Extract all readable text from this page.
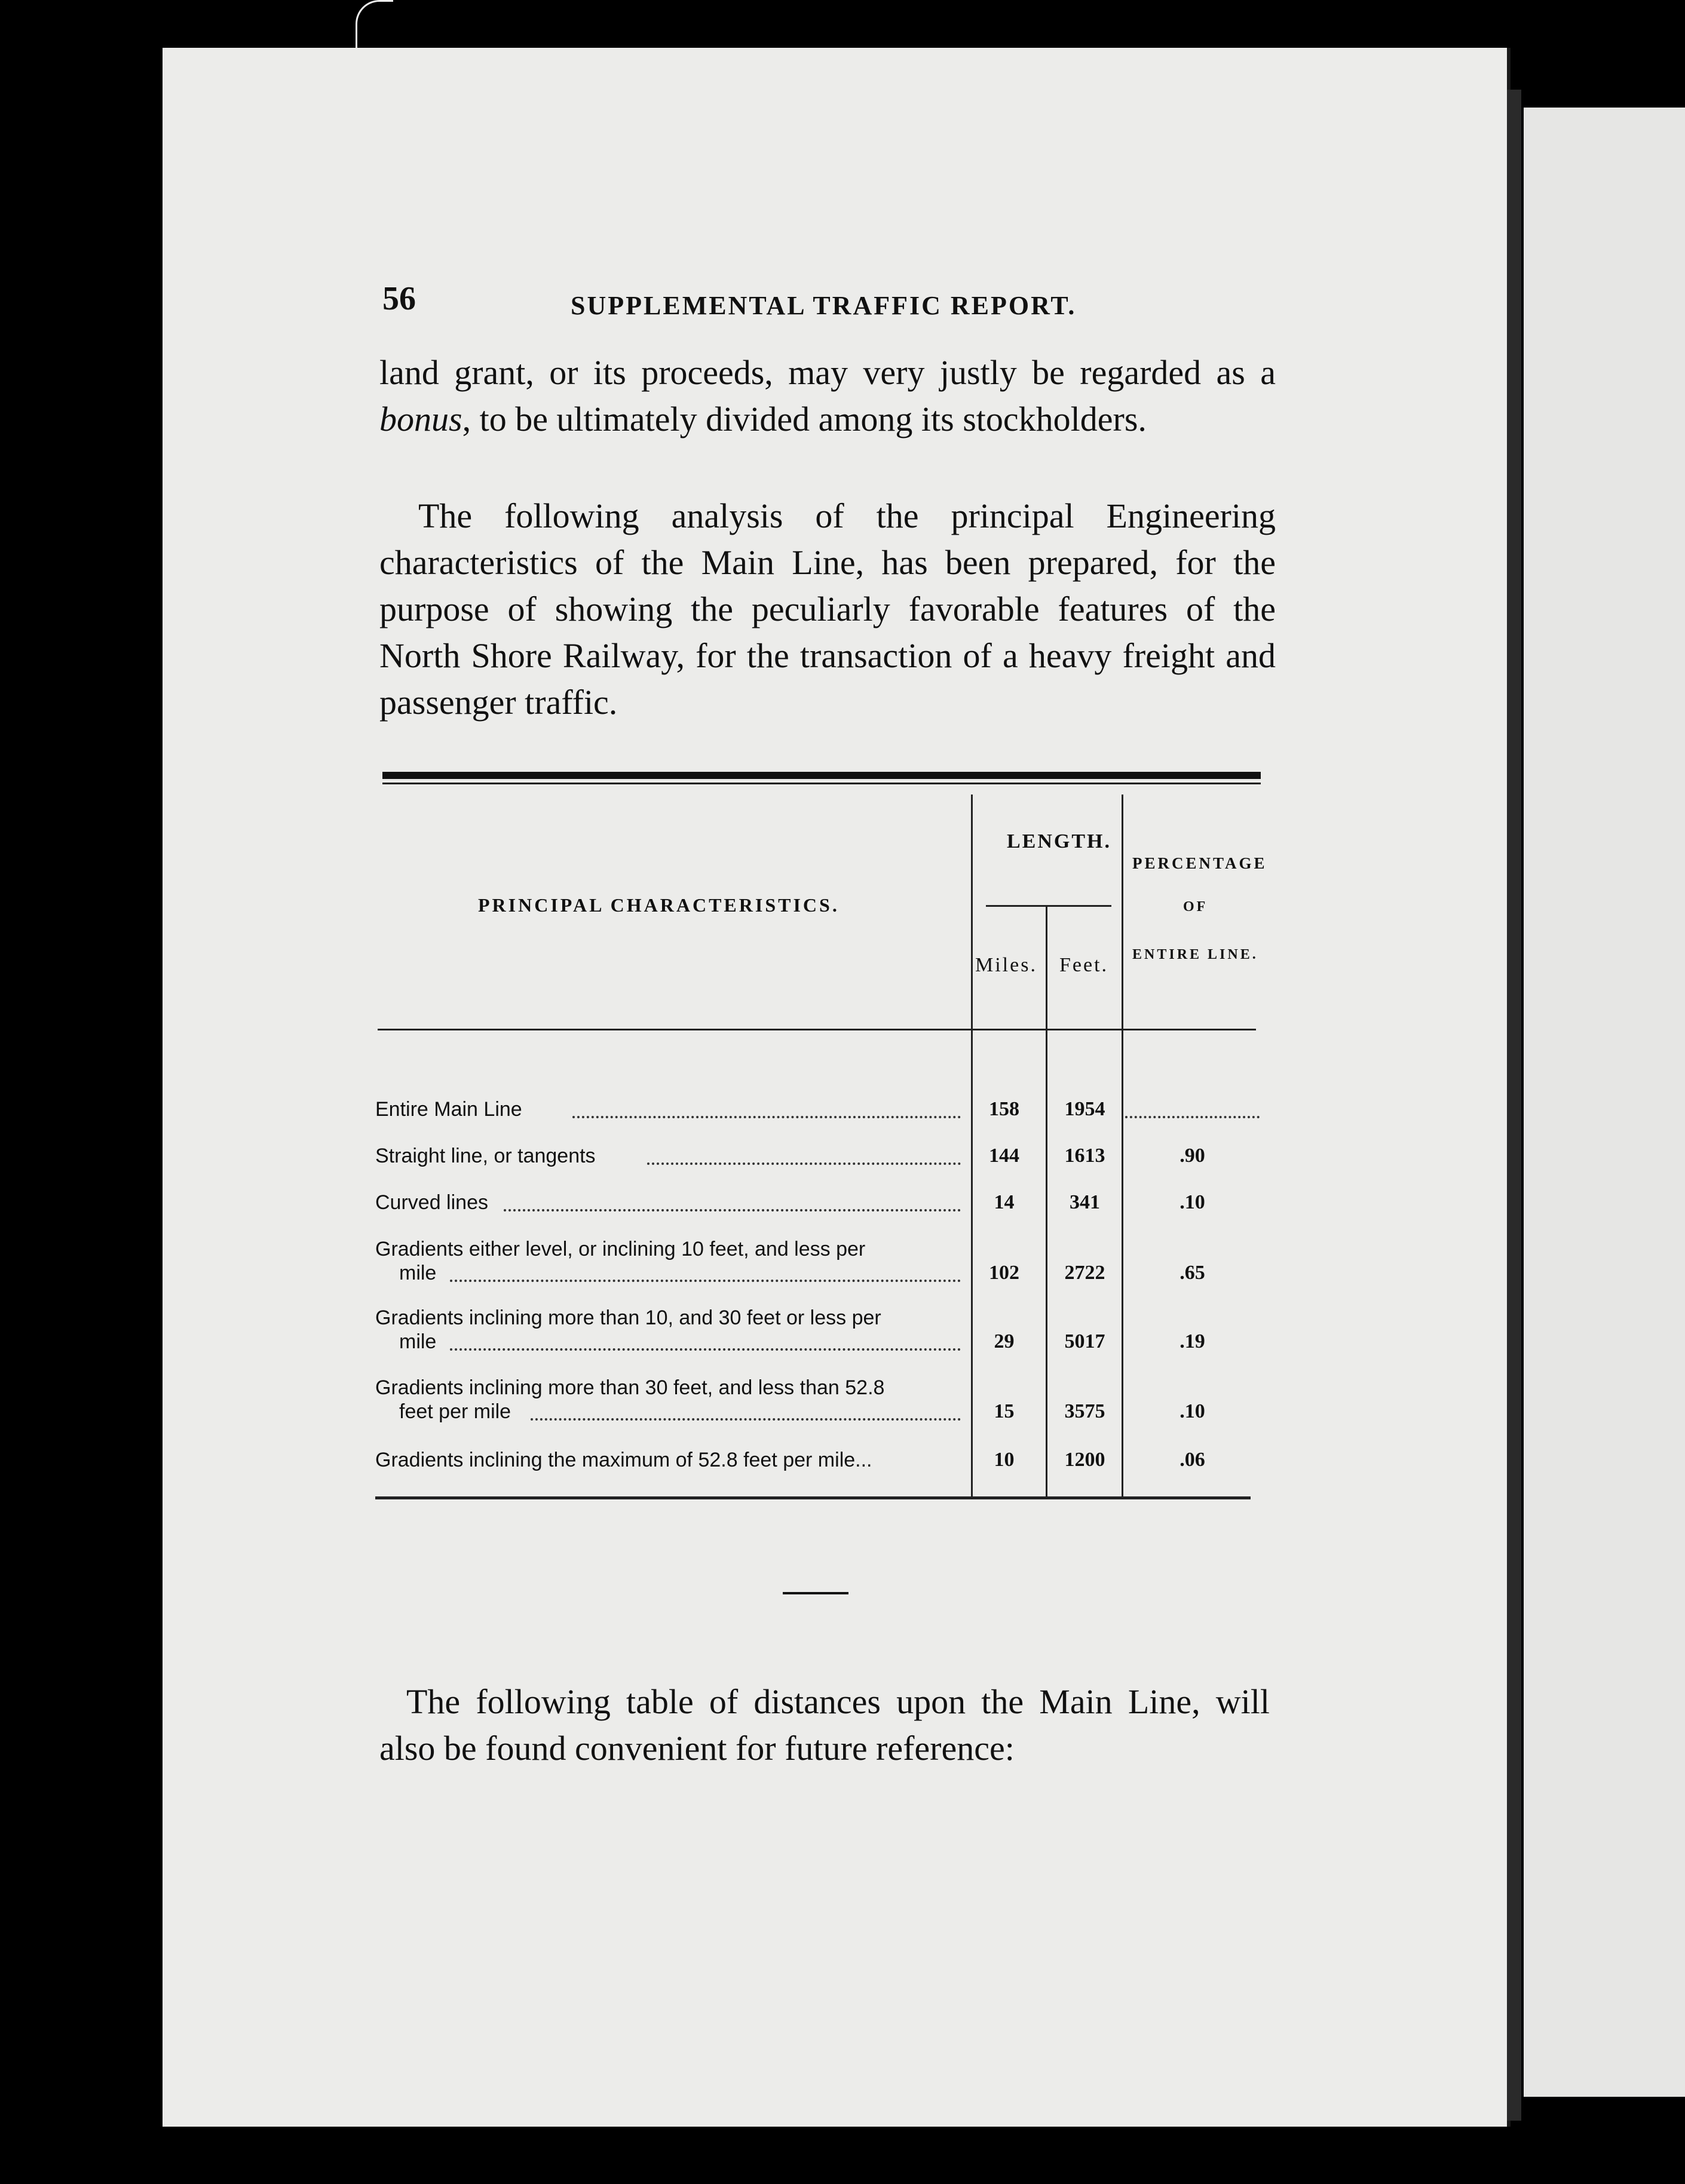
56	SUPPLEMENTAL TRAFFIC REPORT.
land grant, or its proceeds, may very justly be regarded as a bonus, to be ultimately divided among its stockholders.
The following analysis of the principal Engineering characteristics of the Main Line, has been prepared, for the purpose of showing the peculiarly favorable features of the North Shore Railway, for the transaction of a heavy freight and passenger traffic.
PRINCIPAL CHARACTERISTICS.
LENGTH.
PERCENTAGE
OF
ENTIRE LINE.
Miles. Feet.
Entire Main Line	158	1954
Straight line, or tangents	144	1613	.90
Curved lines	14	341	.10
Gradients either level, or inclining 10 feet, and less per
mile	102	2722	.65
Gradients inclining more than 10, and 30 feet or less per
mile	29	5017	.19
Gradients inclining more than 30 feet, and less than 52.8
feet per mile	15	3575	.10
Gradients inclining the maximum of 52.8 feet per mile...	10	1200	.06
The following table of distances upon the Main Line, will also be found convenient for future reference:
